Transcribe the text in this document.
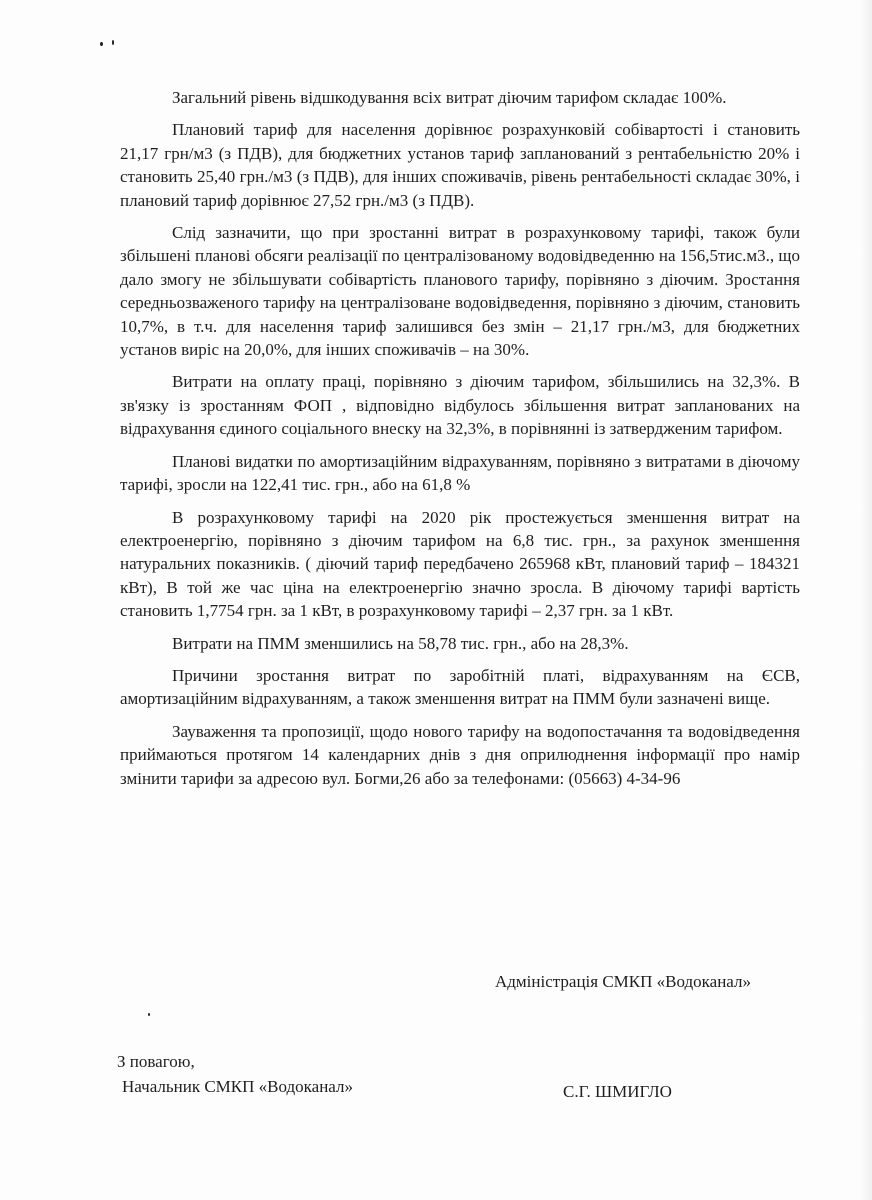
Загальний рівень відшкодування всіх витрат діючим тарифом складає 100%.

Плановий тариф для населення дорівнює розрахунковій собівартості і становить 21,17 грн/м3 (з ПДВ), для бюджетних установ тариф запланований з рентабельністю 20% і становить 25,40 грн./м3 (з ПДВ), для інших споживачів, рівень рентабельності складає 30%, і плановий тариф дорівнює 27,52 грн./м3 (з ПДВ).

Слід зазначити, що при зростанні витрат в розрахунковому тарифі, також були збільшені планові обсяги реалізації по централізованому водовідведенню на 156,5тис.м3., що дало змогу не збільшувати собівартість планового тарифу, порівняно з діючим. Зростання середньозваженого тарифу на централізоване водовідведення, порівняно з діючим, становить 10,7%, в т.ч. для населення тариф залишився без змін – 21,17 грн./м3, для бюджетних установ виріс на 20,0%, для інших споживачів – на 30%.

Витрати на оплату праці, порівняно з діючим тарифом, збільшились на 32,3%. В зв'язку із зростанням ФОП , відповідно відбулось збільшення витрат запланованих на відрахування єдиного соціального внеску на 32,3%, в порівнянні із затвердженим тарифом.

Планові видатки по амортизаційним відрахуванням, порівняно з витратами в діючому тарифі, зросли на 122,41 тис. грн., або на 61,8 %

В розрахунковому тарифі на 2020 рік простежується зменшення витрат на електроенергію, порівняно з діючим тарифом на 6,8 тис. грн., за рахунок зменшення натуральних показників. ( діючий тариф передбачено 265968 кВт, плановий тариф – 184321 кВт), В той же час ціна на електроенергію значно зросла. В діючому тарифі вартість становить 1,7754 грн. за 1 кВт, в розрахунковому тарифі – 2,37 грн. за 1 кВт.

Витрати на ПММ зменшились на 58,78 тис. грн., або на 28,3%.

Причини зростання витрат по заробітній платі, відрахуванням на ЄСВ, амортизаційним відрахуванням, а також зменшення витрат на ПММ були зазначені вище.

Зауваження та пропозиції, щодо нового тарифу на водопостачання та водовідведення приймаються протягом 14 календарних днів з дня оприлюднення інформації про намір змінити тарифи за адресою вул. Богми,26 або за телефонами: (05663) 4-34-96

Адміністрація СМКП «Водоканал»
З повагою,
Начальник СМКП «Водоканал»	С.Г. ШМИГЛО
